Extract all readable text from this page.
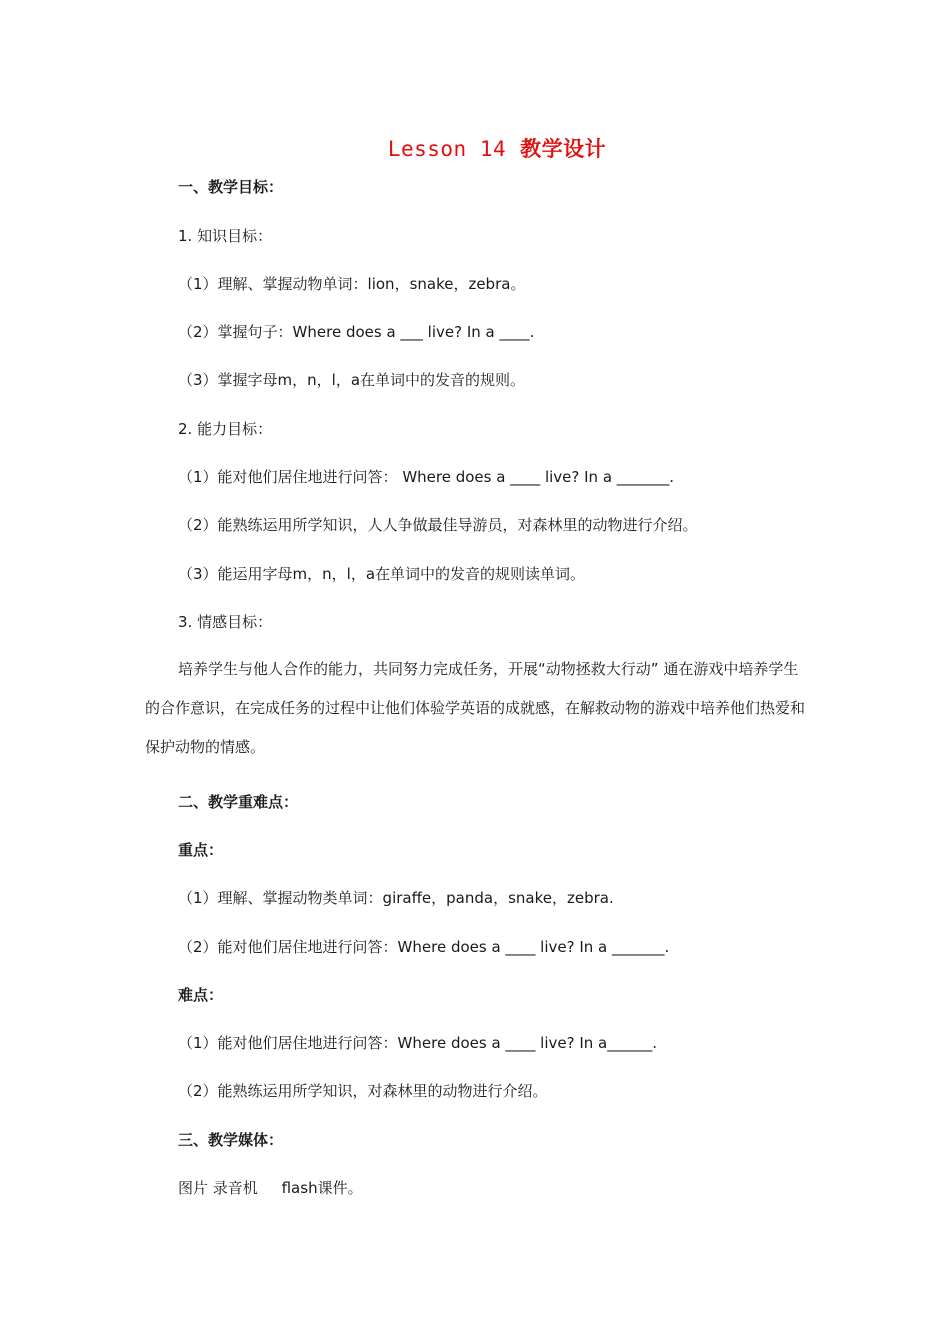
Lesson 14 教学设计
一、教学目标：
1. 知识目标：
（1）理解、掌握动物单词：lion，snake，zebra。
（2）掌握句子：Where does a ___ live? In a ____.
（3）掌握字母m，n，l，a在单词中的发音的规则。
2. 能力目标：
（1）能对他们居住地进行问答： Where does a ____ live? In a _______.
（2）能熟练运用所学知识，人人争做最佳导游员，对森林里的动物进行介绍。
（3）能运用字母m，n，l，a在单词中的发音的规则读单词。
3. 情感目标：
培养学生与他人合作的能力，共同努力完成任务，开展“动物拯救大行动” 通在游戏中培养学生的合作意识，在完成任务的过程中让他们体验学英语的成就感，在解救动物的游戏中培养他们热爱和保护动物的情感。
二、教学重难点：
重点：
（1）理解、掌握动物类单词：giraffe，panda，snake，zebra.
（2）能对他们居住地进行问答：Where does a ____ live? In a _______.
难点：
（1）能对他们居住地进行问答：Where does a ____ live? In a______.
（2）能熟练运用所学知识，对森林里的动物进行介绍。
三、教学媒体：
图片 录音机     flash课件。
